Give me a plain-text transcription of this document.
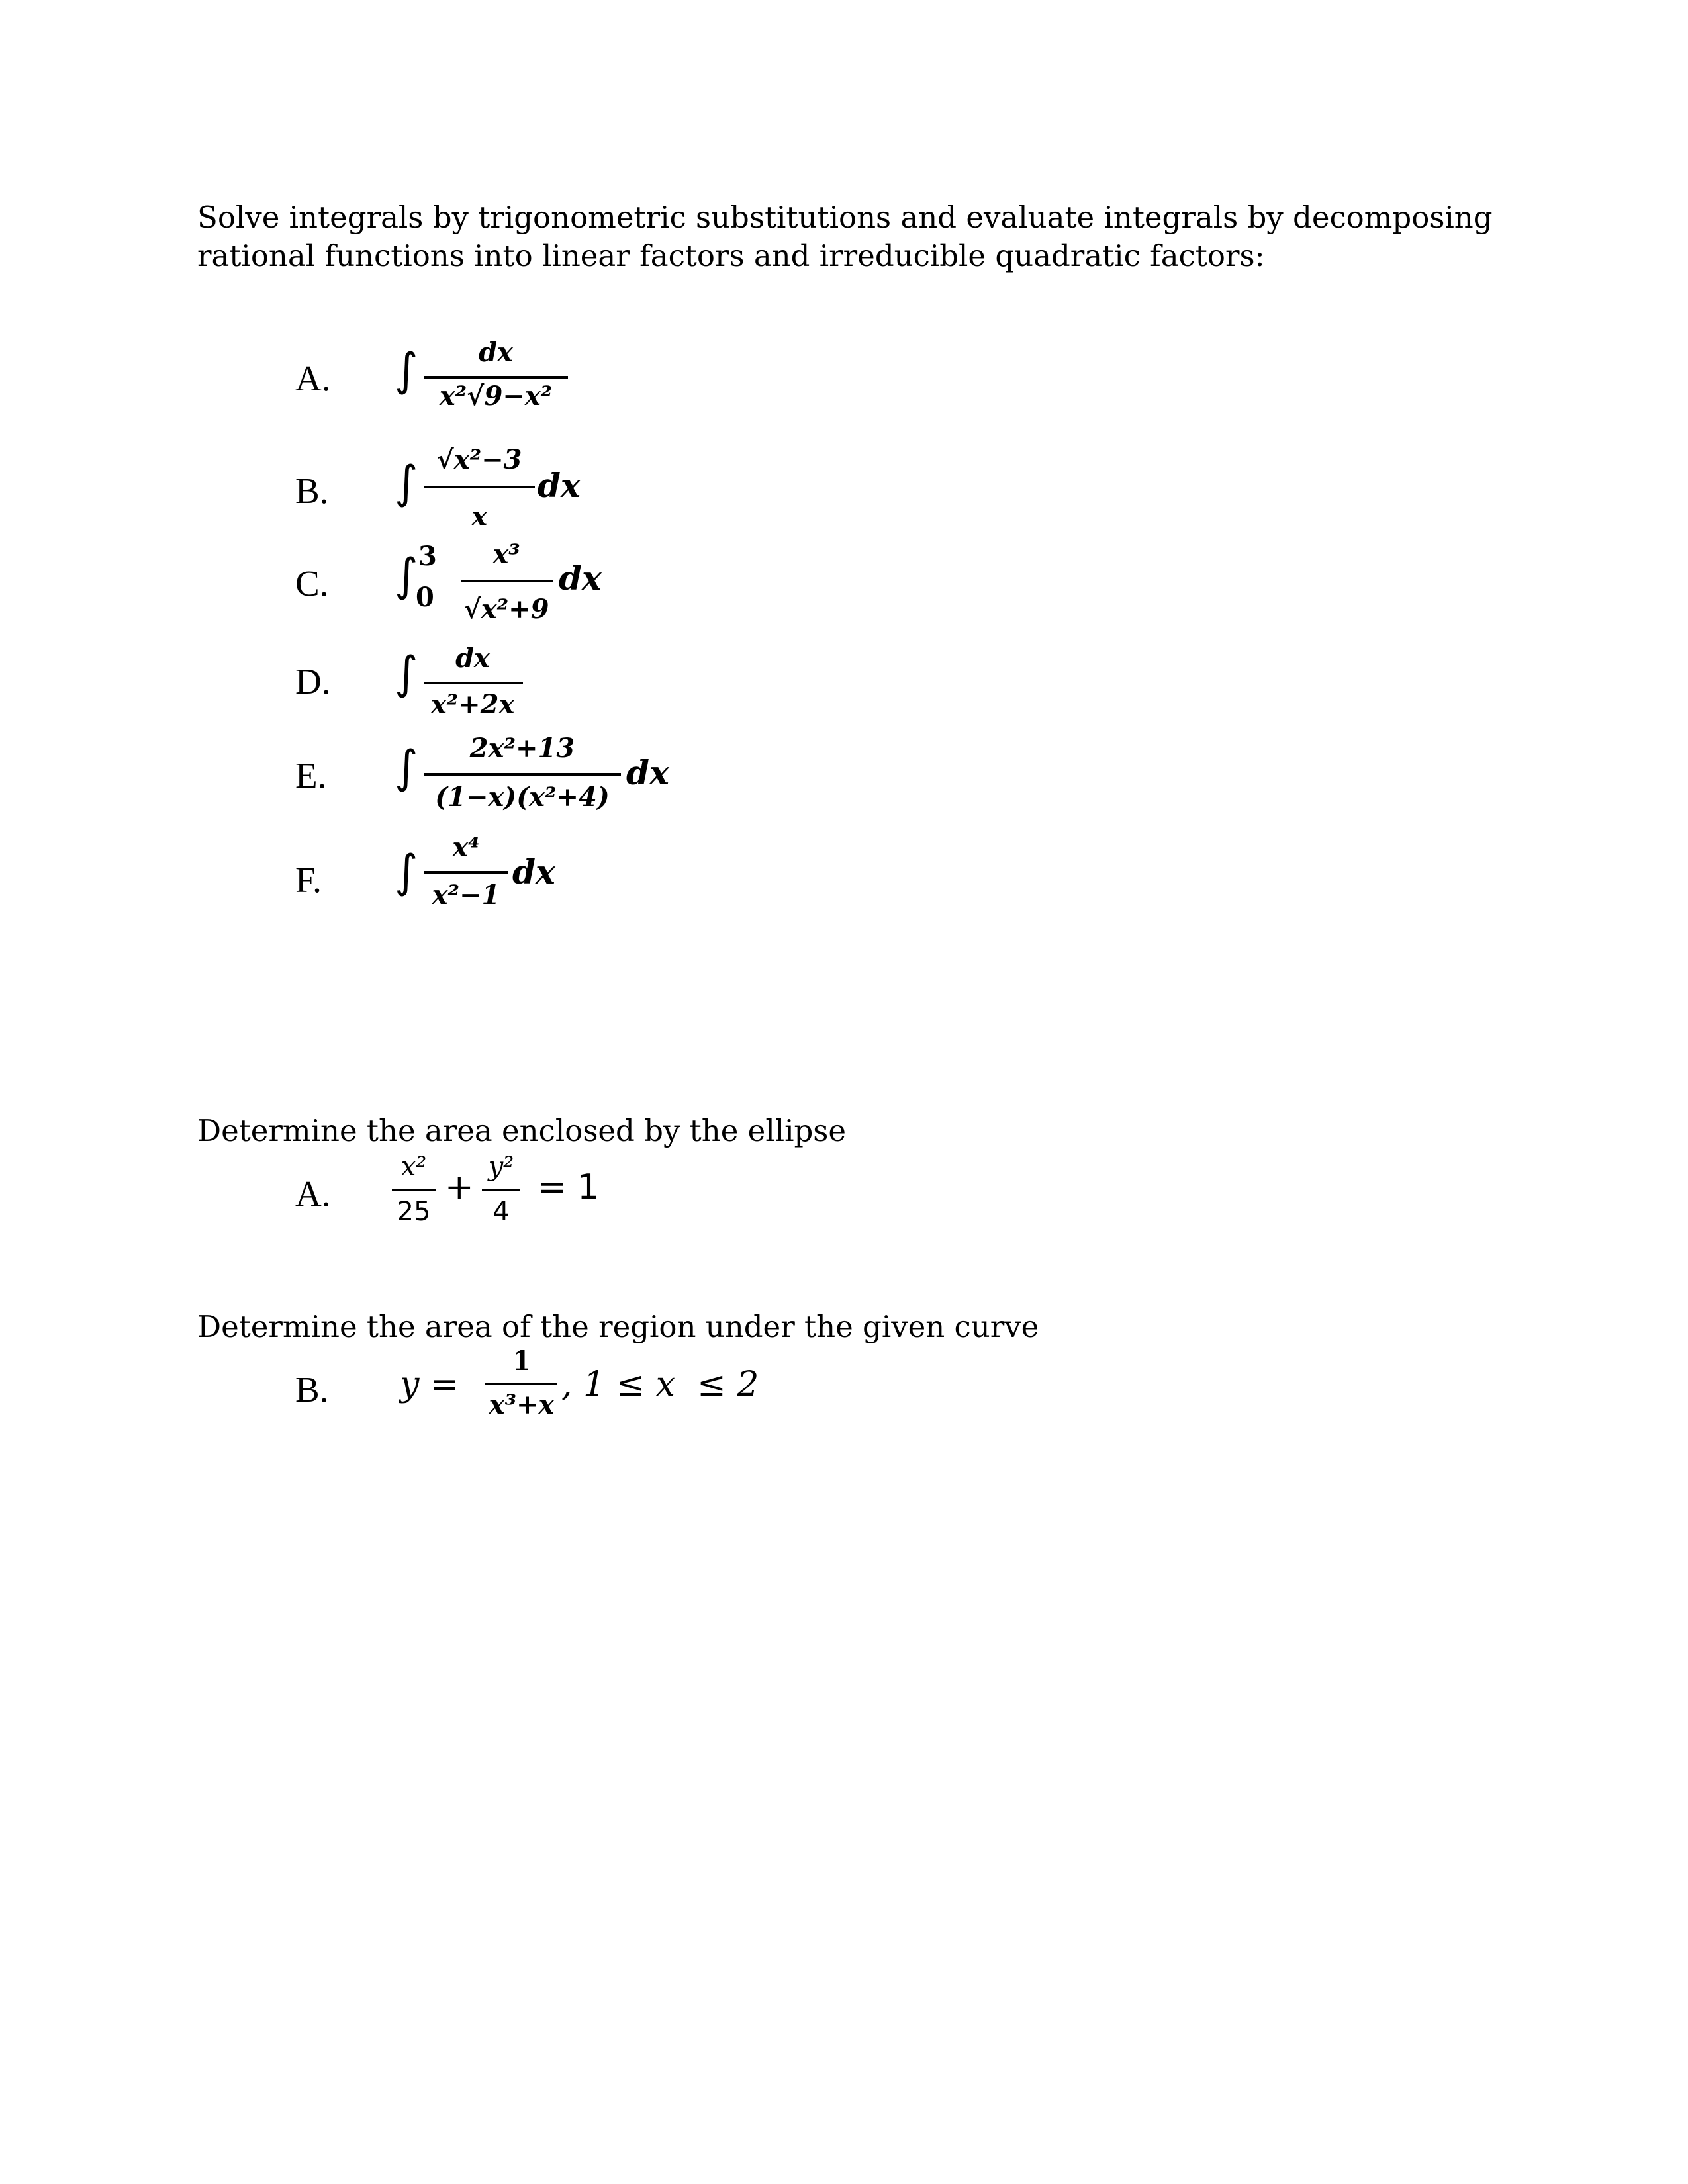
Solve integrals by trigonometric substitutions and evaluate integrals by decomposing
rational functions into linear factors and irreducible quadratic factors:
A. ∫	dx
x²√9−x²
B. ∫ √x²−3
x
dx
C. ∫ 3
0
x³
√x²+9
dx
D. ∫	dx
x²+2x
E. ∫	2x²+13
(1−x)(x²+4)
dx
F. ∫	x⁴
x²−1
dx
Determine the area enclosed by the ellipse
A.
x²
25
+
y²
4
= 1
Determine the area of the region under the given curve
B. y =
1
x³+x
, 1 ≤ x  ≤ 2
